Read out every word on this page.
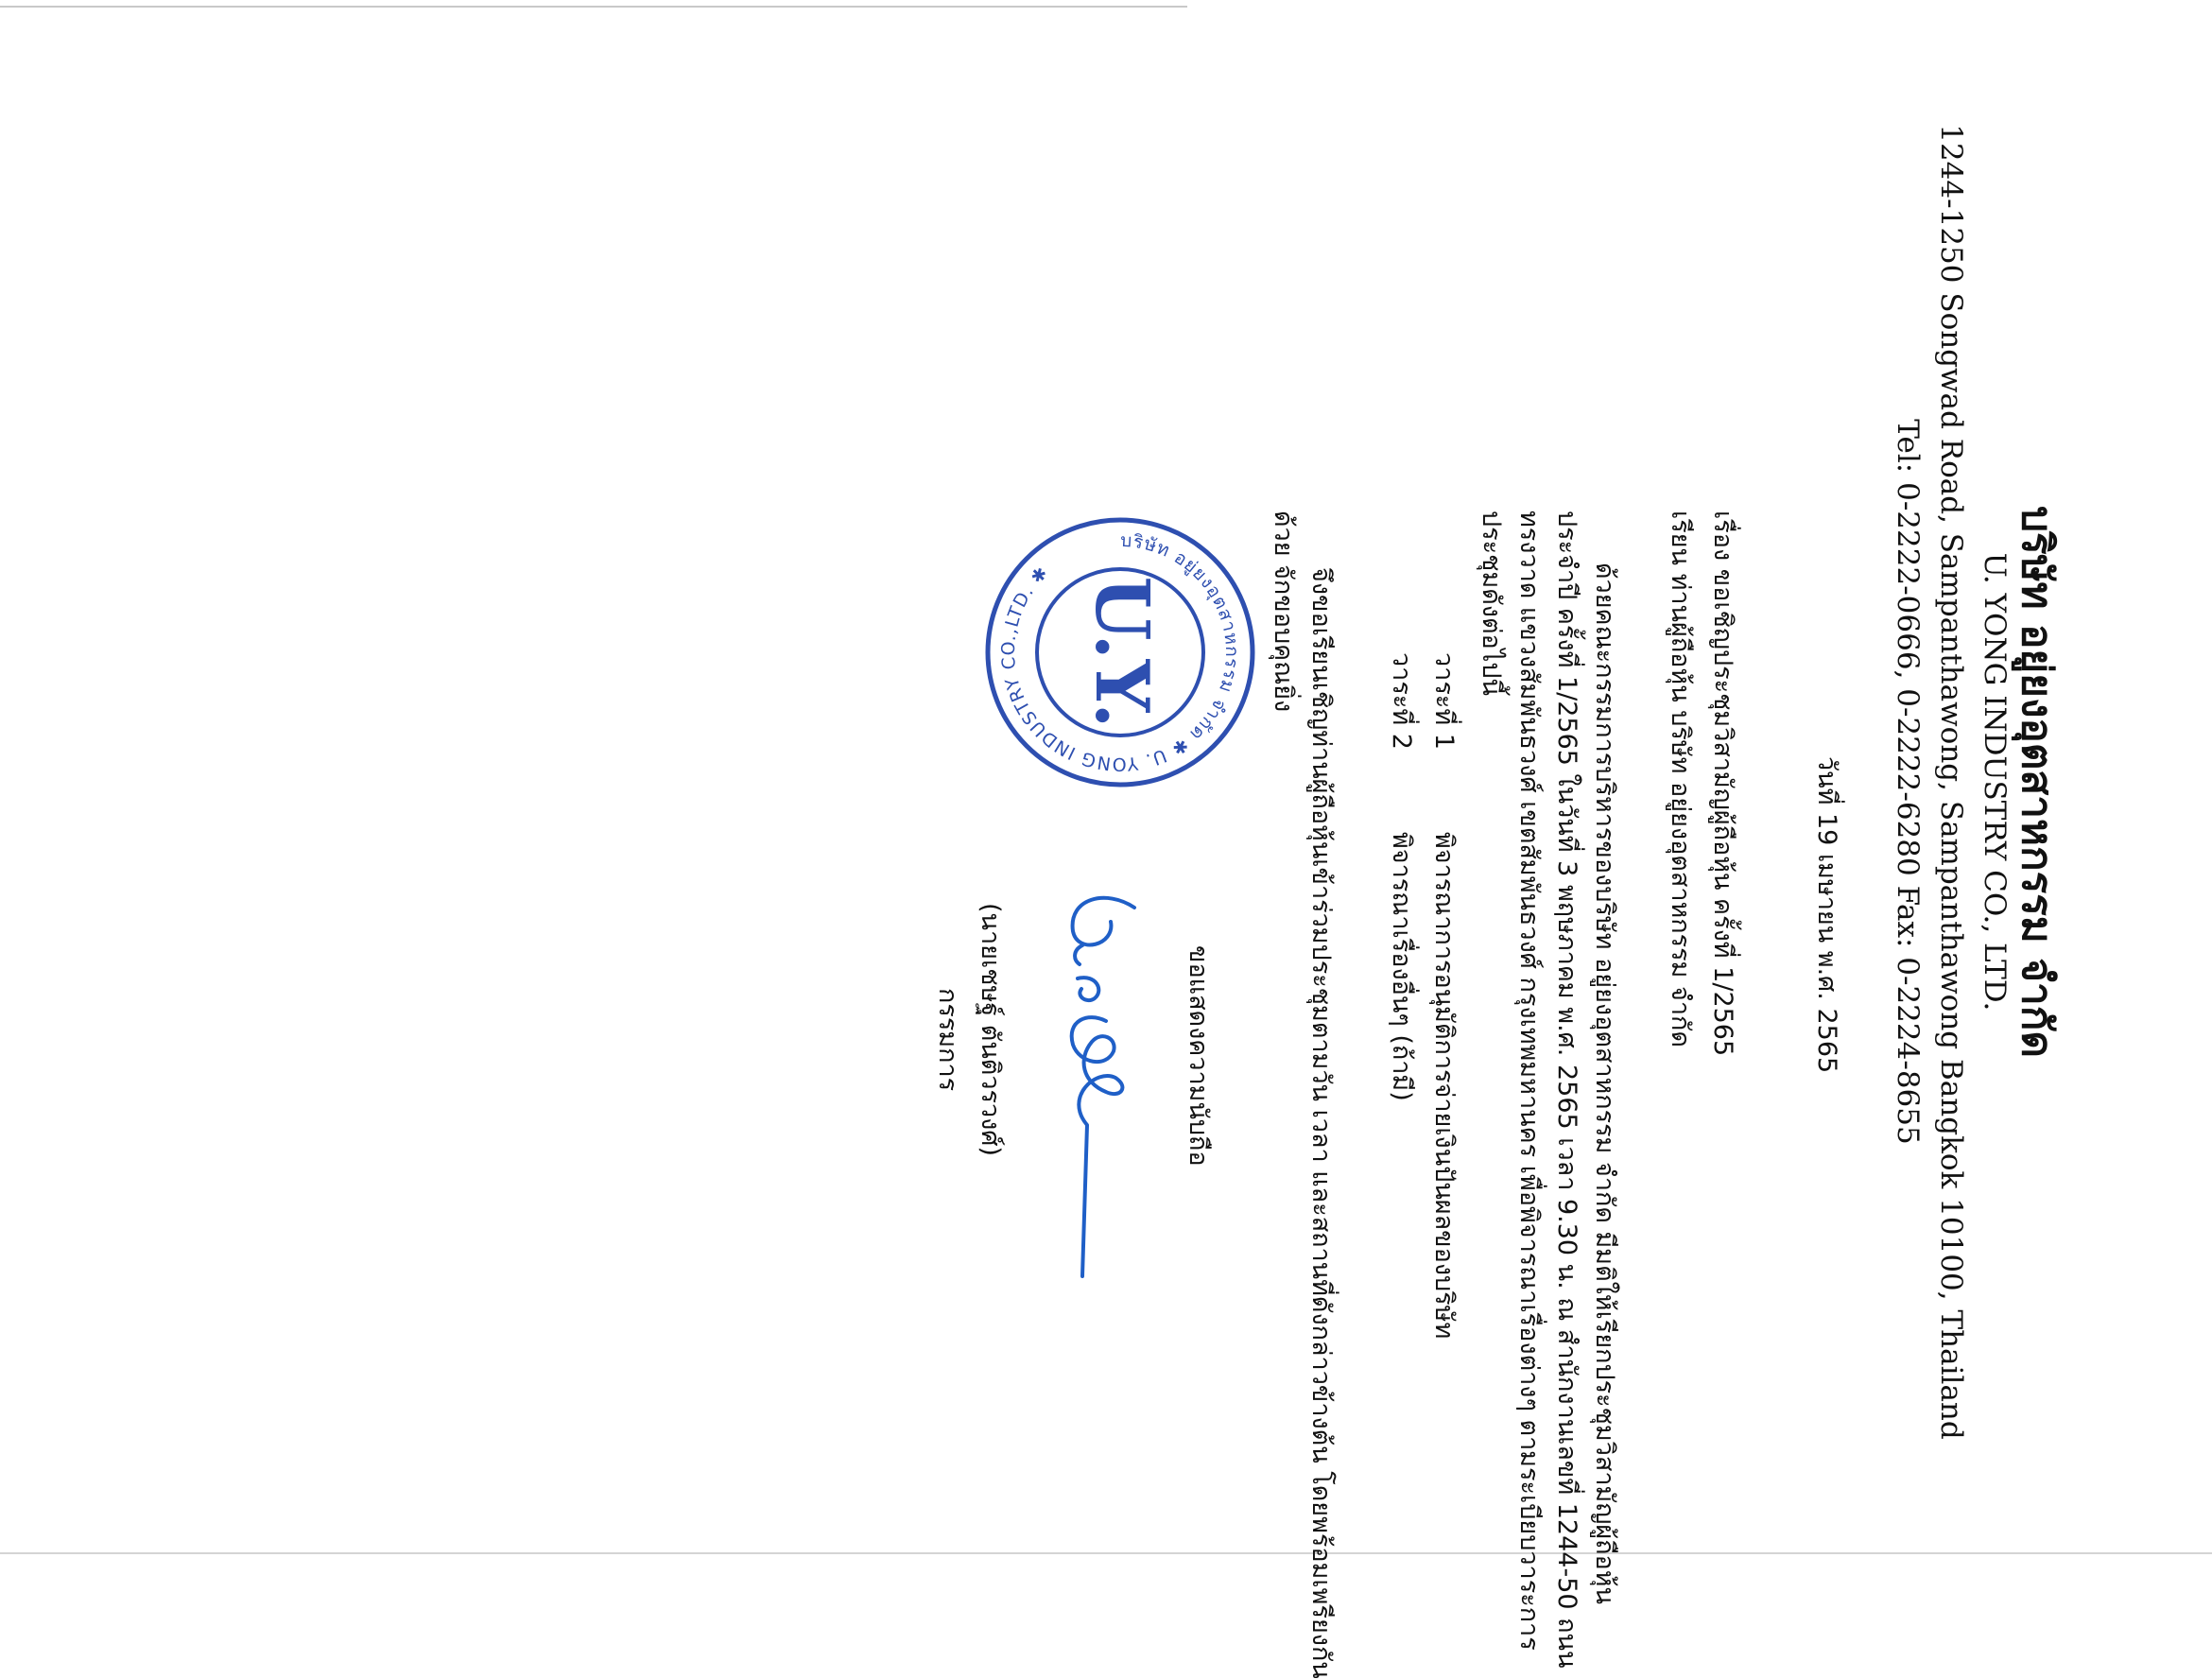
บริษัท อยู่ยงอุตสาหกรรม จำกัด
U. YONG INDUSTRY CO., LTD.
1244-1250 Songwad Road, Sampanthawong, Sampanthawong Bangkok 10100, Thailand
Tel: 0-2222-0666, 0-2222-6280 Fax: 0-2224-8655
วันที่ 19 เมษายน พ.ศ. 2565
เรื่อง ขอเชิญประชุมวิสามัญผู้ถือหุ้น ครั้งที่ 1/2565
เรียน ท่านผู้ถือหุ้น บริษัท อยู่ยงอุตสาหกรรม จำกัด
ด้วยคณะกรรมการบริหารของบริษัท อยู่ยงอุตสาหกรรม จำกัด มีมติให้เรียกประชุมวิสามัญผู้ถือหุ้น
ประจำปี ครั้งที่ 1/2565 ในวันที่ 3 พฤษภาคม พ.ศ. 2565 เวลา 9.30 น. ณ สำนักงานเลขที่ 1244-50 ถนน
ทรงวาด แขวงสัมพันธวงศ์ เขตสัมพันธวงศ์ กรุงเทพมหานคร เพื่อพิจารณาเรื่องต่างๆ ตามระเบียบวาระการ
ประชุมดังต่อไปนี้
วาระที่ 1
พิจารณาการอนุมัติการจ่ายเงินปันผลของบริษัท
วาระที่ 2
พิจารณาเรื่องอื่นๆ (ถ้ามี)
จึงขอเรียนเชิญท่านผู้ถือหุ้นเข้าร่วมประชุมตามวัน เวลา และสถานที่ดังกล่าวข้างต้น โดยพร้อมเพรียงกัน
ด้วย จักขอบคุณยิ่ง
ขอแสดงความนับถือ
บริษัท อยู่ยงอุตสาหกรรม จำกัด ✱ U. YONG INDUSTRY CO.,LTD. ✱
U.Y.
(นายเชษฐ์ ตันติวรวงศ์)
กรรมการ
